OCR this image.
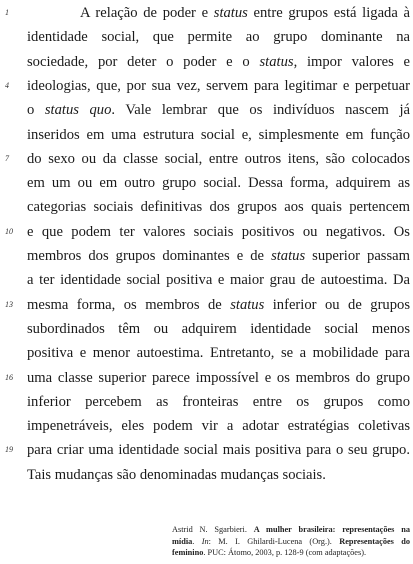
A relação de poder e status entre grupos está ligada à
identidade social, que permite ao grupo dominante na
sociedade, por deter o poder e o status, impor valores e
ideologias, que, por sua vez, servem para legitimar e perpetuar
o status quo. Vale lembrar que os indivíduos nascem já
inseridos em uma estrutura social e, simplesmente em função
do sexo ou da classe social, entre outros itens, são colocados
em um ou em outro grupo social. Dessa forma, adquirem as
categorias sociais definitivas dos grupos aos quais pertencem
e que podem ter valores sociais positivos ou negativos. Os
membros dos grupos dominantes e de status superior passam
a ter identidade social positiva e maior grau de autoestima. Da
mesma forma, os membros de status inferior ou de grupos
subordinados têm ou adquirem identidade social menos
positiva e menor autoestima. Entretanto, se a mobilidade para
uma classe superior parece impossível e os membros do grupo
inferior percebem as fronteiras entre os grupos como
impenetráveis, eles podem vir a adotar estratégias coletivas
para criar uma identidade social mais positiva para o seu grupo.
Tais mudanças são denominadas mudanças sociais.
1
4
7
10
13
16
19
Astrid N. Sgarbieri. A mulher brasileira: representações na
mídia. In: M. I. Ghilardi-Lucena (Org.). Representações do
feminino. PUC: Átomo, 2003, p. 128-9 (com adaptações).
